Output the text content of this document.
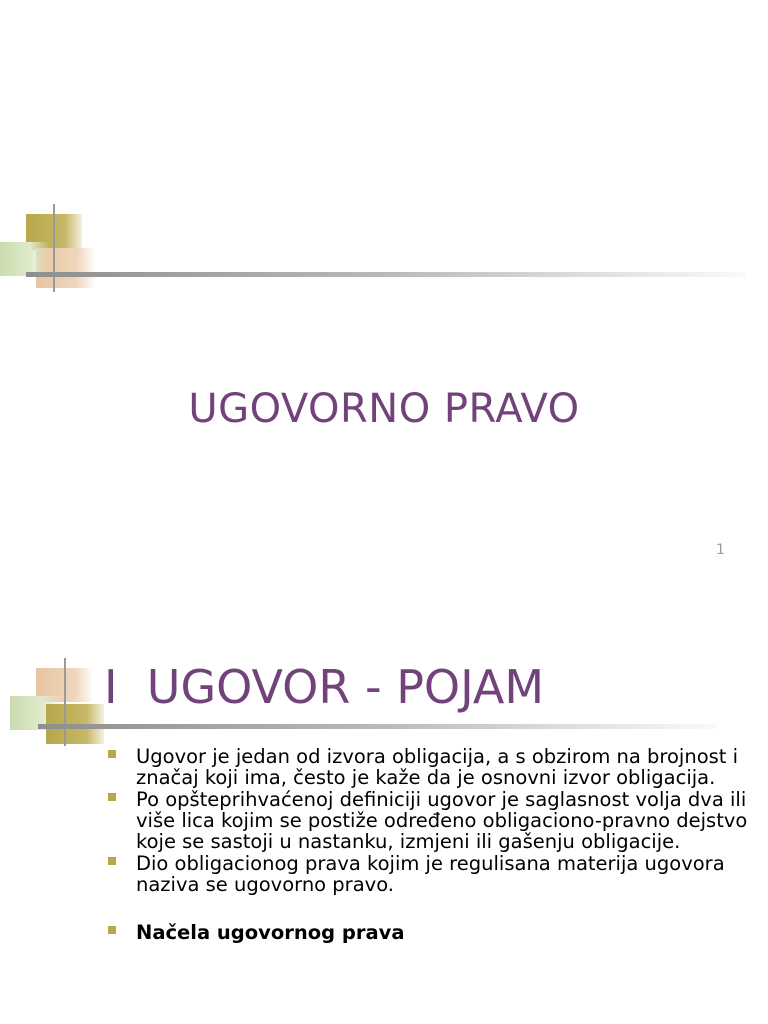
UGOVORNO PRAVO
1
I  UGOVOR - POJAM
Ugovor je jedan od izvora obligacija, a s obzirom na brojnost i značaj koji ima, često je kaže da je osnovni izvor obligacija.
Po opšteprihvaćenoj definiciji ugovor je saglasnost volja dva ili više lica kojim se postiže određeno obligaciono-pravno dejstvo koje se sastoji u nastanku, izmjeni ili gašenju obligacije.
Dio obligacionog prava kojim je regulisana materija ugovora naziva se ugovorno pravo.
Načela ugovornog prava
